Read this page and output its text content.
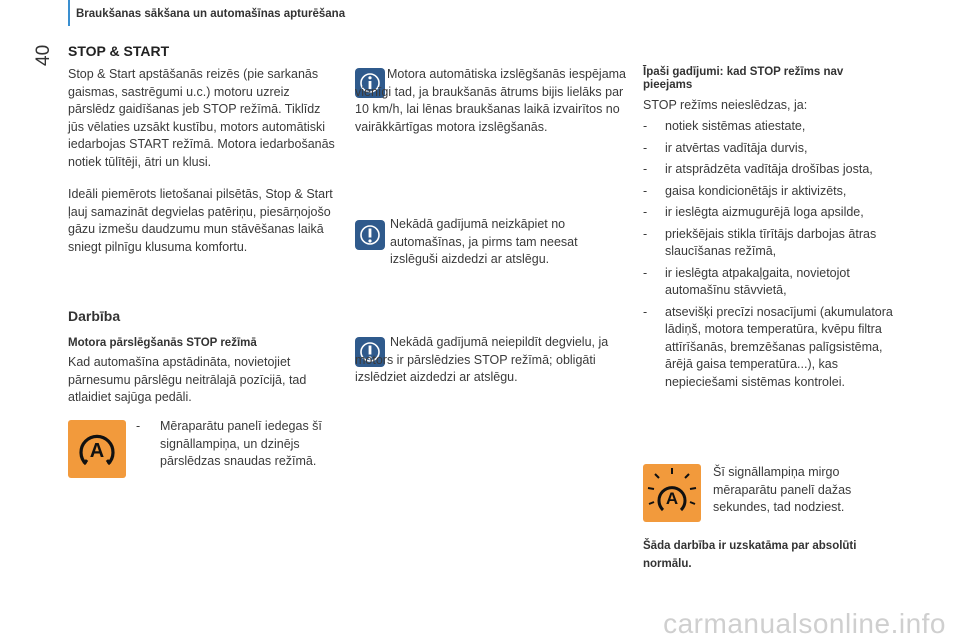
Braukšanas sākšana un automašīnas apturēšana
40 STOP & START
Stop & Start apstāšanās reizēs (pie sarkanās gaismas, sastrēgumi u.c.) motoru uzreiz pārslēdz gaidīšanas jeb STOP režīmā. Tiklīdz jūs vēlaties uzsākt kustību, motors automātiski iedarbojas START režīmā. Motora iedarbošanās notiek tūlītēji, ātri un klusi.
Ideāli piemērots lietošanai pilsētās, Stop & Start ļauj samazināt degvielas patēriņu, piesārņojošo gāzu izmešu daudzumu mun stāvēšanas laikā sniegt pilnīgu klusuma komfortu.
Darbība
Motora pārslēgšanās STOP režīmā
Kad automašīna apstādināta, novietojiet pārnesumu pārslēgu neitrālajā pozīcijā, tad atlaidiet sajūga pedāli.
A
- Mēraparātu panelī iedegas šī signāllampiņa, un dzinējs pārslēdzas snaudas režīmā.
Motora automātiska izslēgšanās iespējama vienīgi tad, ja braukšanās ātrums bijis lielāks par 10 km/h, lai lēnas braukšanas laikā izvairītos no vairākkārtīgas motora izslēgšanās.
Nekādā gadījumā neizkāpiet no automašīnas, ja pirms tam neesat izslēguši aizdedzi ar atslēgu.
Nekādā gadījumā neiepildīt degvielu, ja motors ir pārslēdzies STOP režīmā; obligāti izslēdziet aizdedzi ar atslēgu.
Īpaši gadījumi: kad STOP režīms nav pieejams
STOP režīms neieslēdzas, ja:
- notiek sistēmas atiestate,
- ir atvērtas vadītāja durvis,
- ir atsprādzēta vadītāja drošības josta,
- gaisa kondicionētājs ir aktivizēts,
- ir ieslēgta aizmugurējā loga apsilde,
- priekšējais stikla tīrītājs darbojas ātras slaucīšanas režīmā,
- ir ieslēgta atpakaļgaita, novietojot automašīnu stāvvietā,
- atsevišķi precīzi nosacījumi (akumulatora lādiņš, motora temperatūra, kvēpu filtra attīrīšanās, bremzēšanas palīgsistēma, ārējā gaisa temperatūra...), kas nepieciešami sistēmas kontrolei.
A
Šī signāllampiņa mirgo mēraparātu panelī dažas sekundes, tad nodziest.
Šāda darbība ir uzskatāma par absolūti normālu.
carmanualsonline.info
